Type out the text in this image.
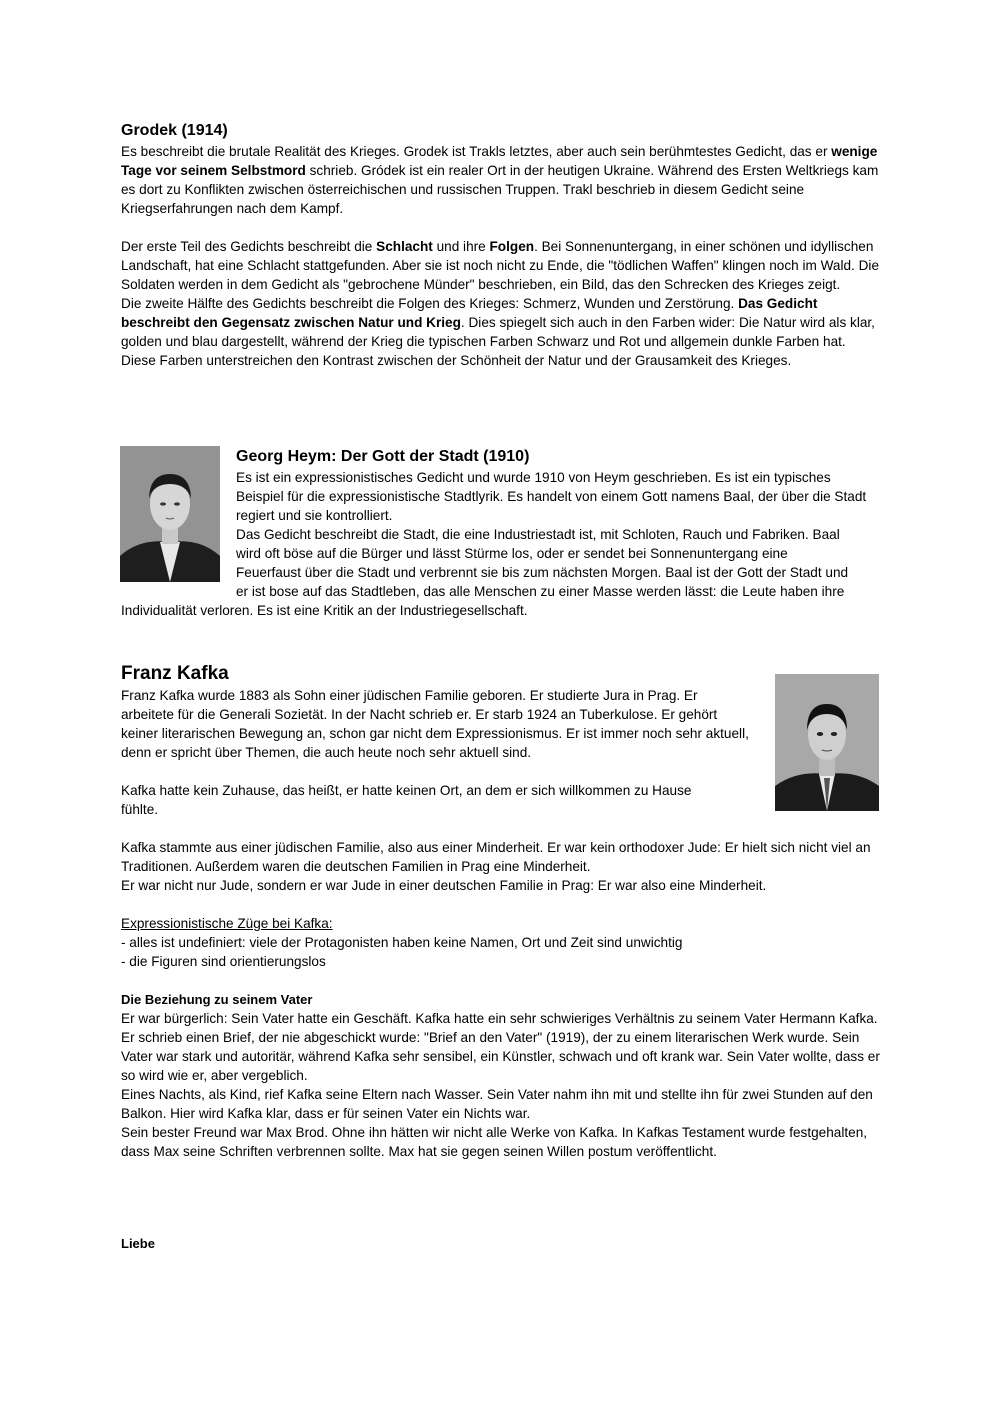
Grodek (1914)

Es beschreibt die brutale Realität des Krieges. Grodek ist Trakls letztes, aber auch sein berühmtestes Gedicht, das er wenige Tage vor seinem Selbstmord schrieb. Gródek ist ein realer Ort in der heutigen Ukraine. Während des Ersten Weltkriegs kam es dort zu Konflikten zwischen österreichischen und russischen Truppen. Trakl beschrieb in diesem Gedicht seine Kriegserfahrungen nach dem Kampf.

Der erste Teil des Gedichts beschreibt die Schlacht und ihre Folgen. Bei Sonnenuntergang, in einer schönen und idyllischen Landschaft, hat eine Schlacht stattgefunden. Aber sie ist noch nicht zu Ende, die "tödlichen Waffen" klingen noch im Wald. Die Soldaten werden in dem Gedicht als "gebrochene Münder" beschrieben, ein Bild, das den Schrecken des Krieges zeigt.

Die zweite Hälfte des Gedichts beschreibt die Folgen des Krieges: Schmerz, Wunden und Zerstörung. Das Gedicht beschreibt den Gegensatz zwischen Natur und Krieg. Dies spiegelt sich auch in den Farben wider: Die Natur wird als klar, golden und blau dargestellt, während der Krieg die typischen Farben Schwarz und Rot und allgemein dunkle Farben hat. Diese Farben unterstreichen den Kontrast zwischen der Schönheit der Natur und der Grausamkeit des Krieges.

Georg Heym: Der Gott der Stadt (1910)

Es ist ein expressionistisches Gedicht und wurde 1910 von Heym geschrieben. Es ist ein typisches Beispiel für die expressionistische Stadtlyrik. Es handelt von einem Gott namens Baal, der über die Stadt regiert und sie kontrolliert.

Das Gedicht beschreibt die Stadt, die eine Industriestadt ist, mit Schloten, Rauch und Fabriken. Baal
wird oft böse auf die Bürger und lässt Stürme los, oder er sendet bei Sonnenuntergang eine
Feuerfaust über die Stadt und verbrennt sie bis zum nächsten Morgen. Baal ist der Gott der Stadt und
er ist bose auf das Stadtleben, das alle Menschen zu einer Masse werden lässt: die Leute haben ihre

Individualität verloren. Es ist eine Kritik an der Industriegesellschaft.
Franz Kafka

Franz Kafka wurde 1883 als Sohn einer jüdischen Familie geboren. Er studierte Jura in Prag. Er arbeitete für die Generali Sozietät. In der Nacht schrieb er. Er starb 1924 an Tuberkulose. Er gehört keiner literarischen Bewegung an, schon gar nicht dem Expressionismus. Er ist immer noch sehr aktuell, denn er spricht über Themen, die auch heute noch sehr aktuell sind.

Kafka hatte kein Zuhause, das heißt, er hatte keinen Ort, an dem er sich willkommen zu Hause fühlte.

Kafka stammte aus einer jüdischen Familie, also aus einer Minderheit. Er war kein orthodoxer Jude: Er hielt sich nicht viel an Traditionen. Außerdem waren die deutschen Familien in Prag eine Minderheit.

Er war nicht nur Jude, sondern er war Jude in einer deutschen Familie in Prag: Er war also eine Minderheit.

Expressionistische Züge bei Kafka:

- alles ist undefiniert: viele der Protagonisten haben keine Namen, Ort und Zeit sind unwichtig

- die Figuren sind orientierungslos

Die Beziehung zu seinem Vater

Er war bürgerlich: Sein Vater hatte ein Geschäft. Kafka hatte ein sehr schwieriges Verhältnis zu seinem Vater Hermann Kafka. Er schrieb einen Brief, der nie abgeschickt wurde: "Brief an den Vater" (1919), der zu einem literarischen Werk wurde. Sein Vater war stark und autoritär, während Kafka sehr sensibel, ein Künstler, schwach und oft krank war. Sein Vater wollte, dass er so wird wie er, aber vergeblich.

Eines Nachts, als Kind, rief Kafka seine Eltern nach Wasser. Sein Vater nahm ihn mit und stellte ihn für zwei Stunden auf den Balkon. Hier wird Kafka klar, dass er für seinen Vater ein Nichts war.

Sein bester Freund war Max Brod. Ohne ihn hätten wir nicht alle Werke von Kafka. In Kafkas Testament wurde festgehalten, dass Max seine Schriften verbrennen sollte. Max hat sie gegen seinen Willen postum veröffentlicht.

Liebe
